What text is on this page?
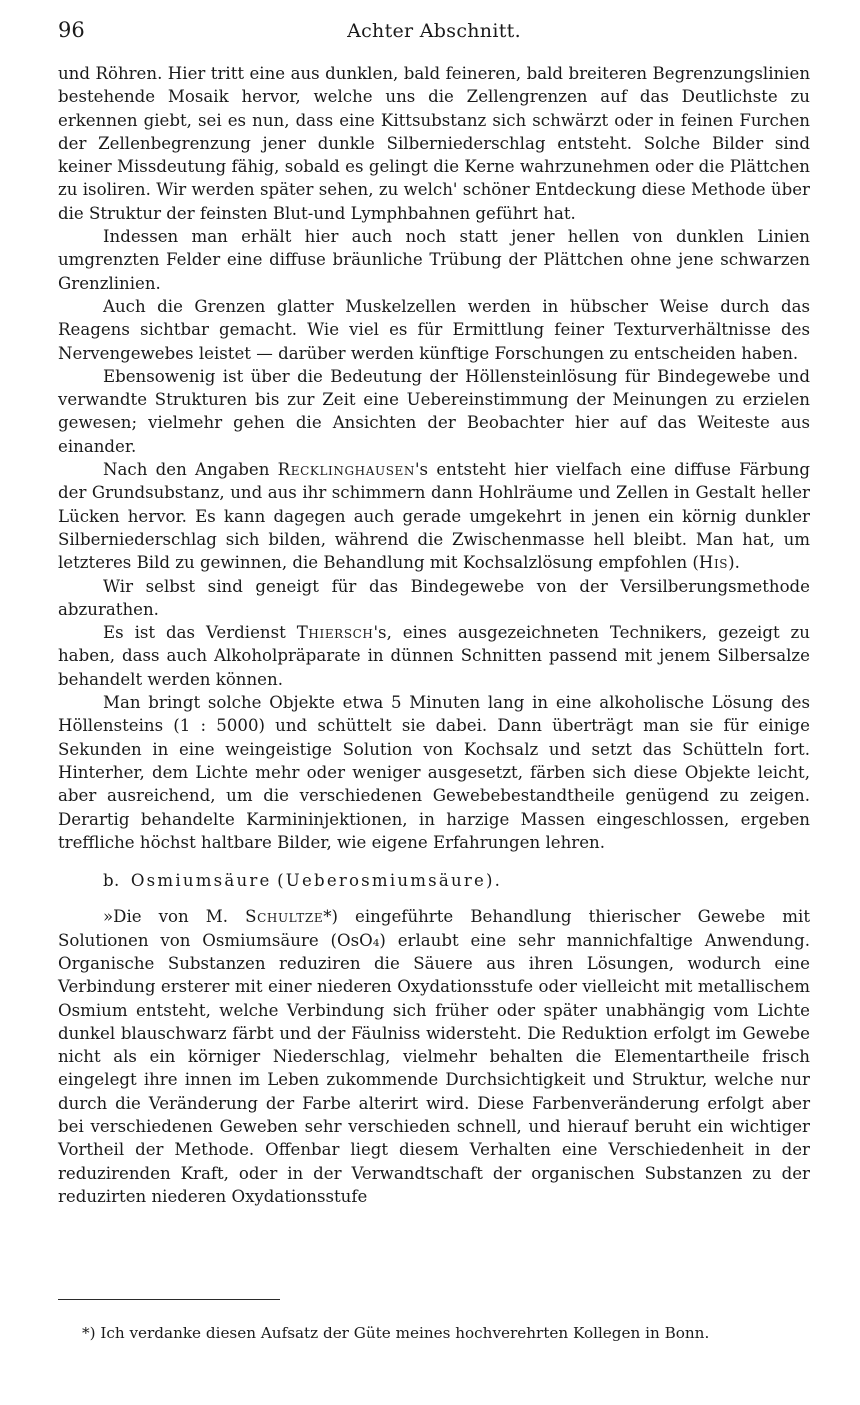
96	Achter Abschnitt.

und Röhren. Hier tritt eine aus dunklen, bald feineren, bald breiteren Begrenzungslinien bestehende Mosaik hervor, welche uns die Zellengrenzen auf das Deutlichste zu erkennen giebt, sei es nun, dass eine Kittsubstanz sich schwärzt oder in feinen Furchen der Zellenbegrenzung jener dunkle Silberniederschlag entsteht. Solche Bilder sind keiner Missdeutung fähig, sobald es gelingt die Kerne wahrzunehmen oder die Plättchen zu isoliren. Wir werden später sehen, zu welch' schöner Entdeckung diese Methode über die Struktur der feinsten Blut-und Lymphbahnen geführt hat.

Indessen man erhält hier auch noch statt jener hellen von dunklen Linien umgrenzten Felder eine diffuse bräunliche Trübung der Plättchen ohne jene schwarzen Grenzlinien.

Auch die Grenzen glatter Muskelzellen werden in hübscher Weise durch das Reagens sichtbar gemacht. Wie viel es für Ermittlung feiner Texturverhältnisse des Nervengewebes leistet — darüber werden künftige Forschungen zu entscheiden haben.

Ebensowenig ist über die Bedeutung der Höllensteinlösung für Bindegewebe und verwandte Strukturen bis zur Zeit eine Uebereinstimmung der Meinungen zu erzielen gewesen; vielmehr gehen die Ansichten der Beobachter hier auf das Weiteste aus einander.

Nach den Angaben Recklinghausen's entsteht hier vielfach eine diffuse Färbung der Grundsubstanz, und aus ihr schimmern dann Hohlräume und Zellen in Gestalt heller Lücken hervor. Es kann dagegen auch gerade umgekehrt in jenen ein körnig dunkler Silberniederschlag sich bilden, während die Zwischenmasse hell bleibt. Man hat, um letzteres Bild zu gewinnen, die Behandlung mit Kochsalzlösung empfohlen (His).

Wir selbst sind geneigt für das Bindegewebe von der Versilberungsmethode abzurathen.

Es ist das Verdienst Thiersch's, eines ausgezeichneten Technikers, gezeigt zu haben, dass auch Alkoholpräparate in dünnen Schnitten passend mit jenem Silbersalze behandelt werden können.

Man bringt solche Objekte etwa 5 Minuten lang in eine alkoholische Lösung des Höllensteins (1 : 5000) und schüttelt sie dabei. Dann überträgt man sie für einige Sekunden in eine weingeistige Solution von Kochsalz und setzt das Schütteln fort. Hinterher, dem Lichte mehr oder weniger ausgesetzt, färben sich diese Objekte leicht, aber ausreichend, um die verschiedenen Gewebebestandtheile genügend zu zeigen. Derartig behandelte Karmininjektionen, in harzige Massen eingeschlossen, ergeben treffliche höchst haltbare Bilder, wie eigene Erfahrungen lehren.

b. Osmiumsäure (Ueberosmiumsäure).

»Die von M. Schultze*) eingeführte Behandlung thierischer Gewebe mit Solutionen von Osmiumsäure (OsO₄) erlaubt eine sehr mannichfaltige Anwendung. Organische Substanzen reduziren die Säuere aus ihren Lösungen, wodurch eine Verbindung ersterer mit einer niederen Oxydationsstufe oder vielleicht mit metallischem Osmium entsteht, welche Verbindung sich früher oder später unabhängig vom Lichte dunkel blauschwarz färbt und der Fäulniss widersteht. Die Reduktion erfolgt im Gewebe nicht als ein körniger Niederschlag, vielmehr behalten die Elementartheile frisch eingelegt ihre innen im Leben zukommende Durchsichtigkeit und Struktur, welche nur durch die Veränderung der Farbe alterirt wird. Diese Farbenveränderung erfolgt aber bei verschiedenen Geweben sehr verschieden schnell, und hierauf beruht ein wichtiger Vortheil der Methode. Offenbar liegt diesem Verhalten eine Verschiedenheit in der reduzirenden Kraft, oder in der Verwandtschaft der organischen Substanzen zu der reduzirten niederen Oxydationsstufe

*) Ich verdanke diesen Aufsatz der Güte meines hochverehrten Kollegen in Bonn.
